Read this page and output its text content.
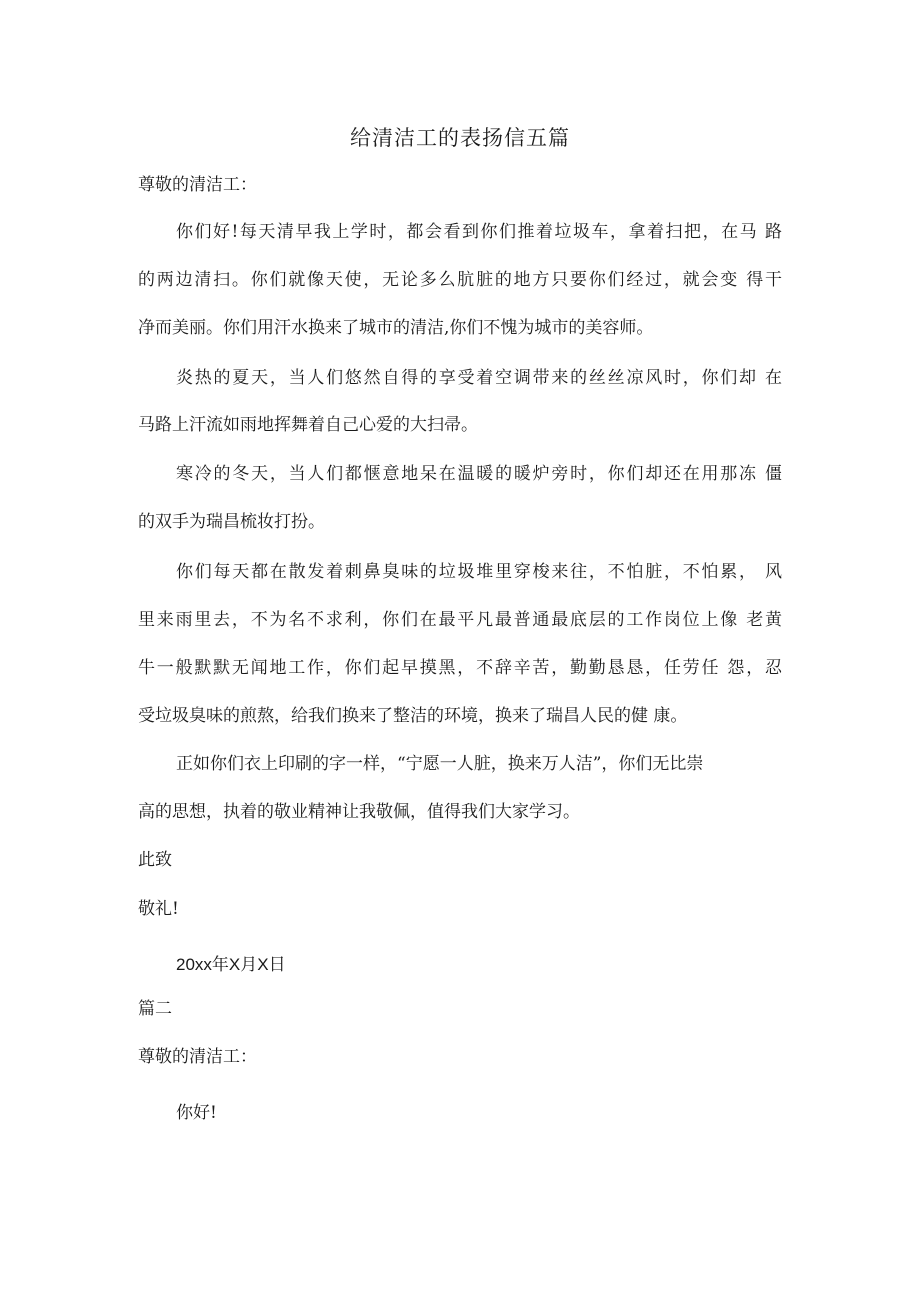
给清洁工的表扬信五篇
尊敬的清洁工：
你们好!每天清早我上学时，都会看到你们推着垃圾车，拿着扫把，在马 路
的两边清扫。你们就像天使，无论多么肮脏的地方只要你们经过，就会变 得干
净而美丽。你们用汗水换来了城市的清洁,你们不愧为城市的美容师。
炎热的夏天，当人们悠然自得的享受着空调带来的丝丝凉风时，你们却 在
马路上汗流如雨地挥舞着自己心爱的大扫帚。
寒冷的冬天，当人们都惬意地呆在温暖的暖炉旁时，你们却还在用那冻 僵
的双手为瑞昌梳妆打扮。
你们每天都在散发着刺鼻臭味的垃圾堆里穿梭来往，不怕脏，不怕累， 风
里来雨里去，不为名不求利，你们在最平凡最普通最底层的工作岗位上像 老黄
牛一般默默无闻地工作，你们起早摸黑，不辞辛苦，勤勤恳恳，任劳任 怨，忍
受垃圾臭味的煎熬，给我们换来了整洁的环境，换来了瑞昌人民的健 康。
正如你们衣上印刷的字一样，“宁愿一人脏，换来万人洁”，你们无比崇
高的思想，执着的敬业精神让我敬佩，值得我们大家学习。
此致
敬礼!
20xx年X月X日
篇二
尊敬的清洁工：
你好!
